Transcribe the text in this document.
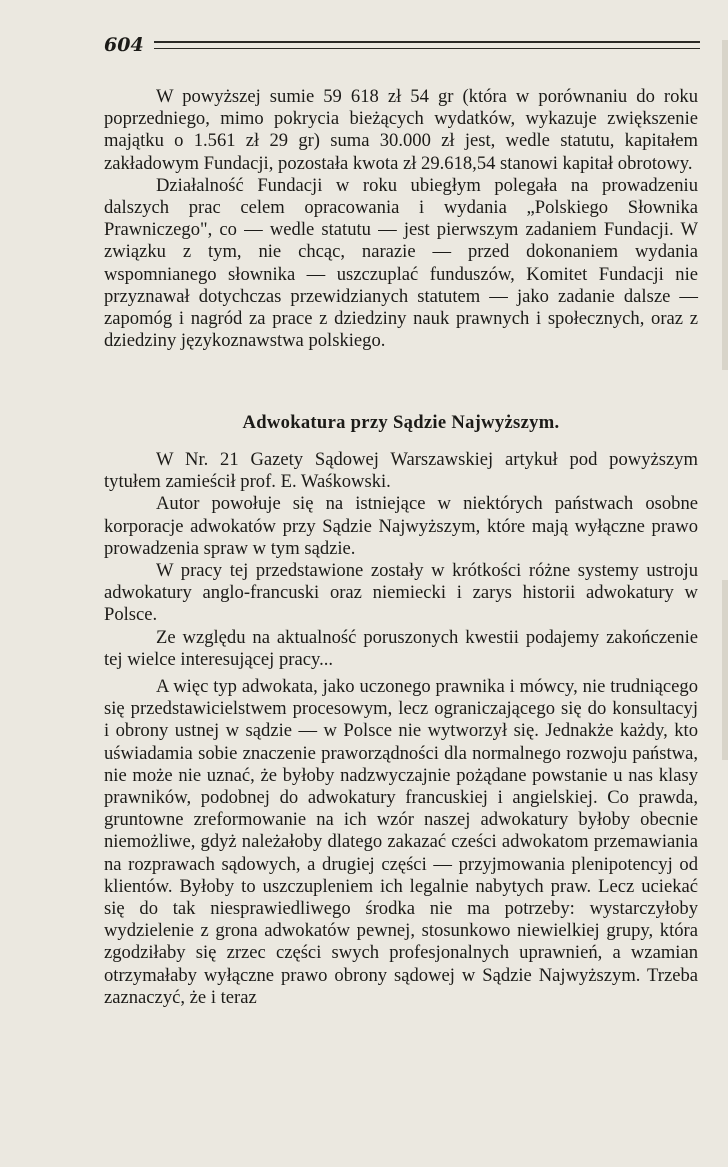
604

W powyższej sumie 59 618 zł 54 gr (która w porównaniu do roku poprzedniego, mimo pokrycia bieżących wydatków, wykazuje zwiększenie majątku o 1.561 zł 29 gr) suma 30.000 zł jest, wedle statutu, kapitałem zakładowym Fundacji, pozostała kwota zł 29.618,54 stanowi kapitał obrotowy.

Działalność Fundacji w roku ubiegłym polegała na prowadzeniu dalszych prac celem opracowania i wydania „Polskiego Słownika Prawniczego", co — wedle statutu — jest pierwszym zadaniem Fundacji. W związku z tym, nie chcąc, narazie — przed dokonaniem wydania wspomnianego słownika — uszczuplać funduszów, Komitet Fundacji nie przyznawał dotychczas przewidzianych statutem — jako zadanie dalsze — zapomóg i nagród za prace z dziedziny nauk prawnych i społecznych, oraz z dziedziny językoznawstwa polskiego.

Adwokatura przy Sądzie Najwyższym.

W Nr. 21 Gazety Sądowej Warszawskiej artykuł pod powyższym tytułem zamieścił prof. E. Waśkowski.

Autor powołuje się na istniejące w niektórych państwach osobne korporacje adwokatów przy Sądzie Najwyższym, które mają wyłączne prawo prowadzenia spraw w tym sądzie.

W pracy tej przedstawione zostały w krótkości różne systemy ustroju adwokatury anglo-francuski oraz niemiecki i zarys historii adwokatury w Polsce.

Ze względu na aktualność poruszonych kwestii podajemy zakończenie tej wielce interesującej pracy...

A więc typ adwokata, jako uczonego prawnika i mówcy, nie trudniącego się przedstawicielstwem procesowym, lecz ograniczającego się do konsultacyj i obrony ustnej w sądzie — w Polsce nie wytworzył się. Jednakże każdy, kto uświadamia sobie znaczenie praworządności dla normalnego rozwoju państwa, nie może nie uznać, że byłoby nadzwyczajnie pożądane powstanie u nas klasy prawników, podobnej do adwokatury francuskiej i angielskiej. Co prawda, gruntowne zreformowanie na ich wzór naszej adwokatury byłoby obecnie niemożliwe, gdyż należałoby dlatego zakazać cześci adwokatom przemawiania na rozprawach sądowych, a drugiej części — przyjmowania plenipotencyj od klientów. Byłoby to uszczupleniem ich legalnie nabytych praw. Lecz uciekać się do tak niesprawiedliwego środka nie ma potrzeby: wystarczyłoby wydzielenie z grona adwokatów pewnej, stosunkowo niewielkiej grupy, która zgodziłaby się zrzec części swych profesjonalnych uprawnień, a wzamian otrzymałaby wyłączne prawo obrony sądowej w Sądzie Najwyższym. Trzeba zaznaczyć, że i teraz
